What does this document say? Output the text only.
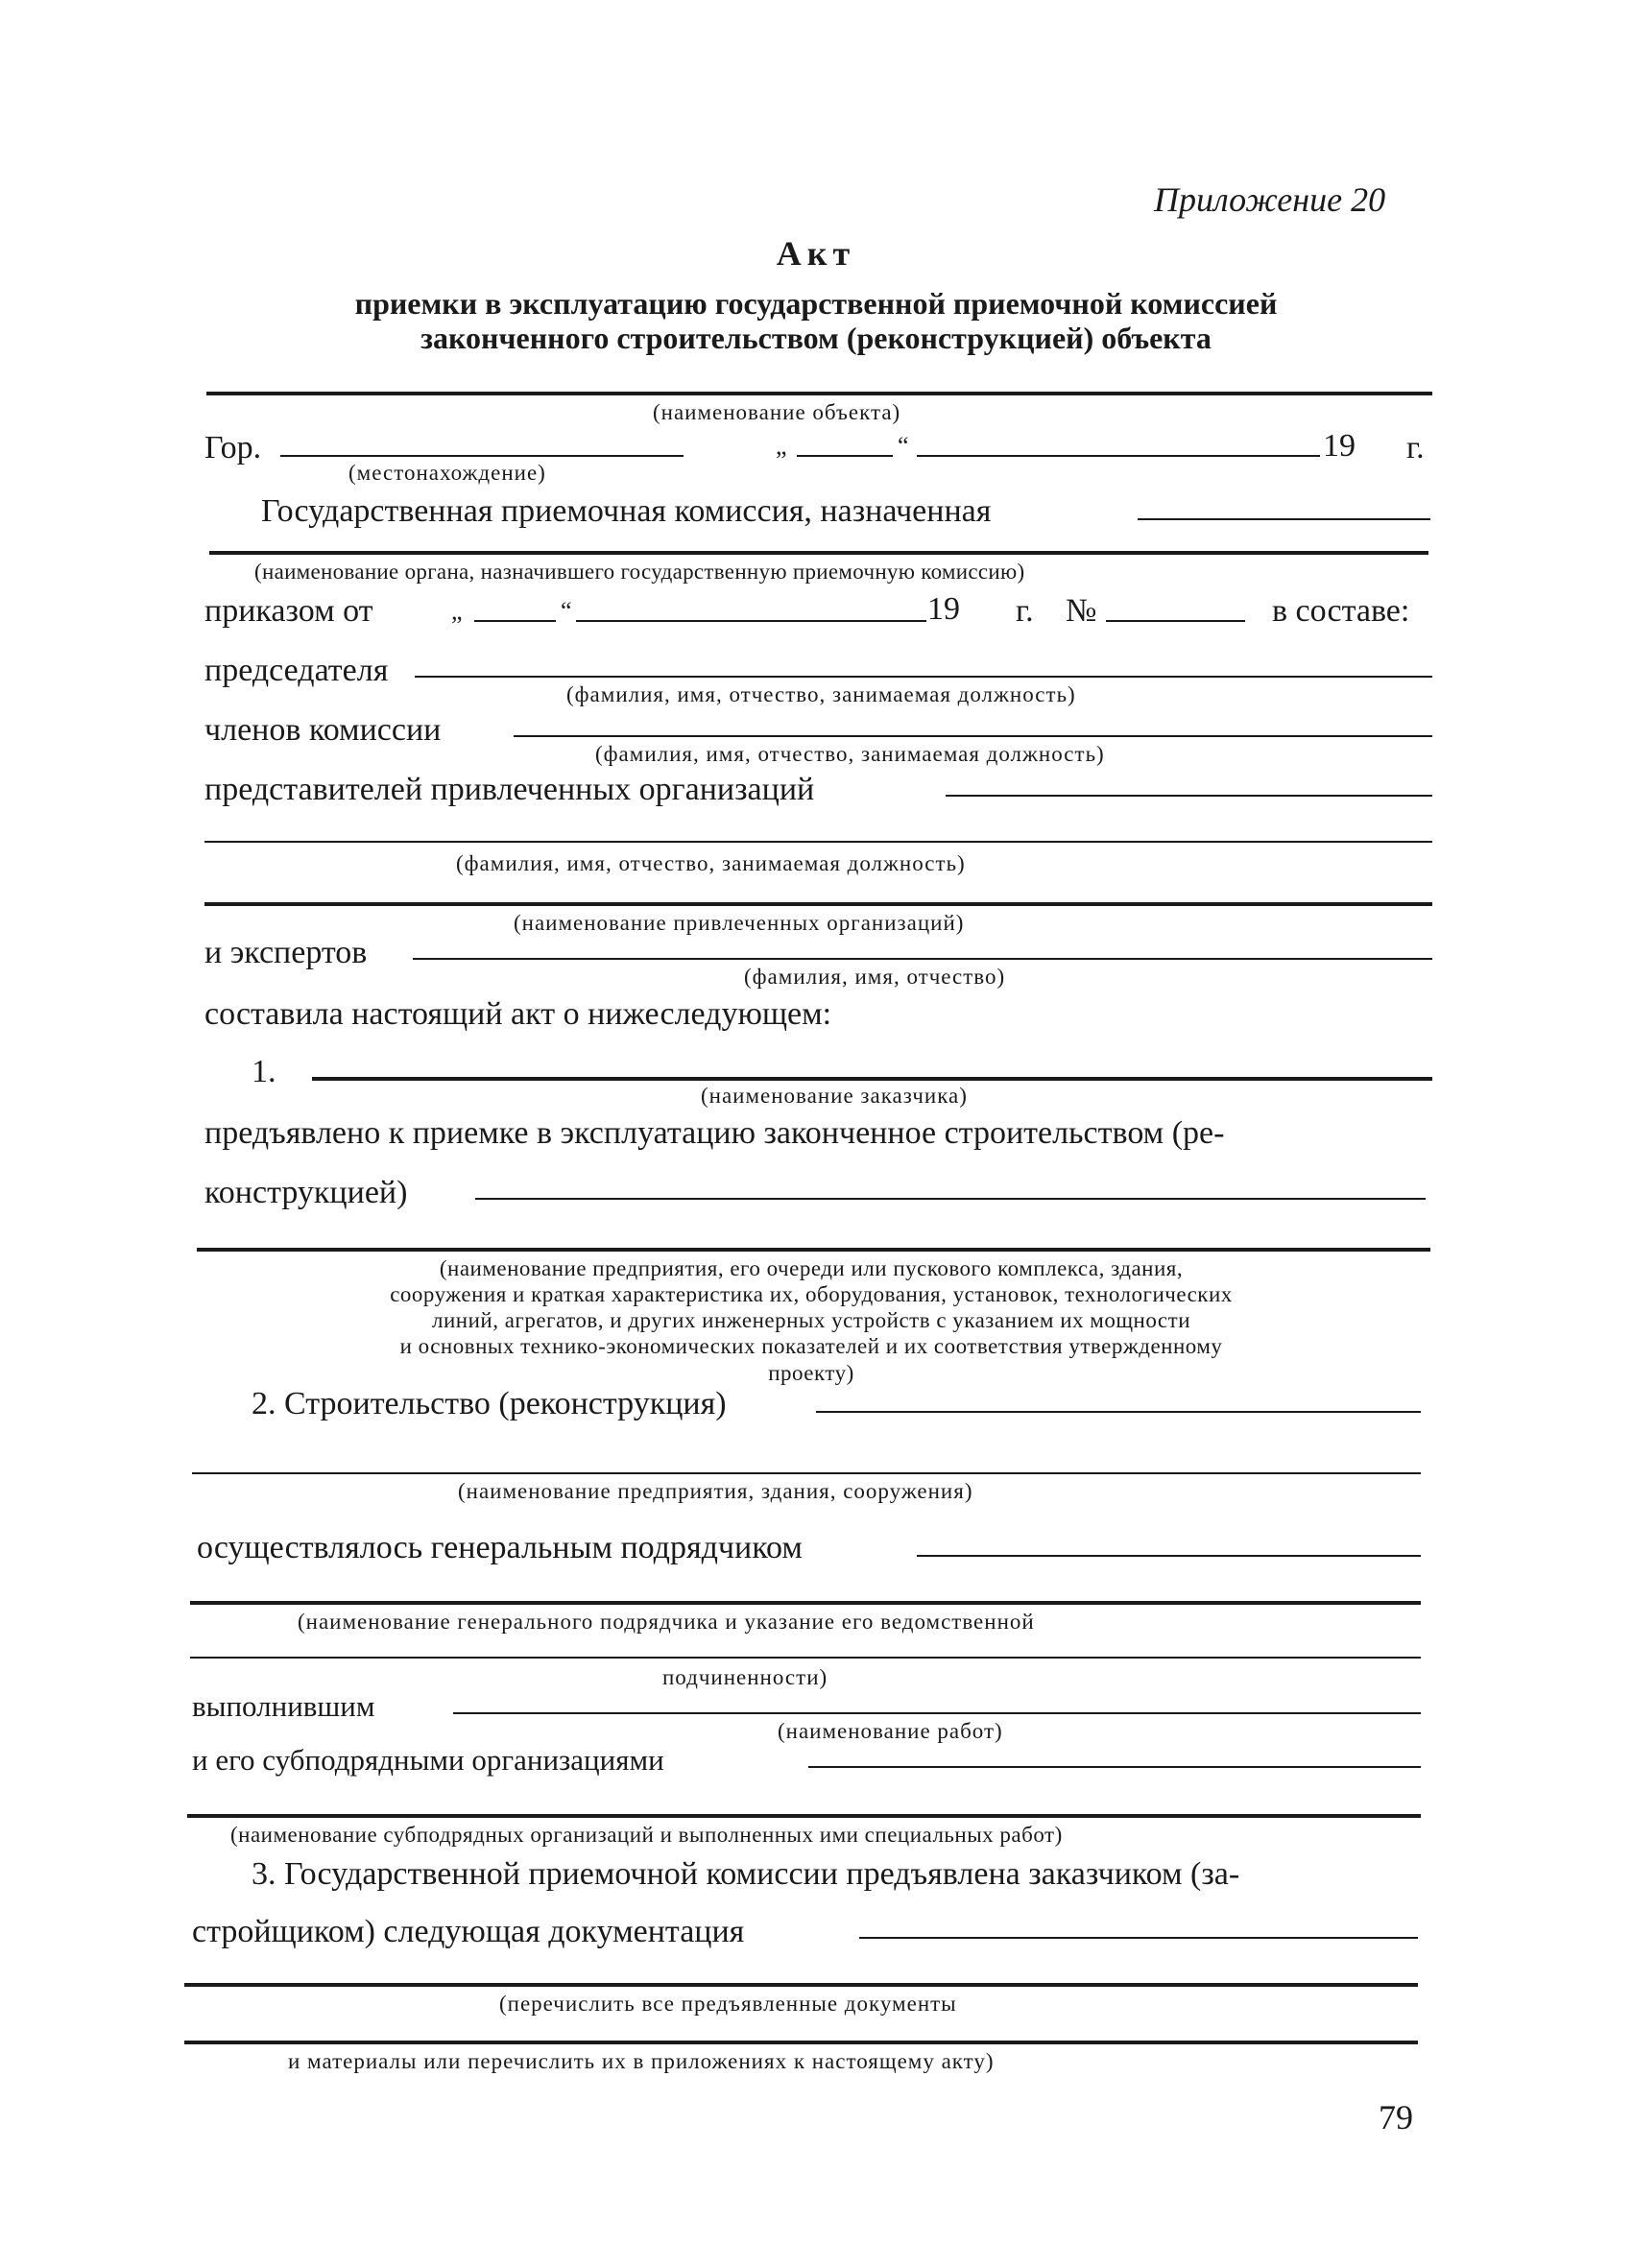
Приложение 20
Акт
приемки в эксплуатацию государственной приемочной комиссией
законченного строительством (реконструкцией) объекта
(наименование объекта)
Гор.	„	“	19 г.
(местонахождение)
Государственная приемочная комиссия, назначенная
(наименование органа, назначившего государственную приемочную комиссию)
приказом от	„	“	19 г. №	в составе:
председателя
(фамилия, имя, отчество, занимаемая должность)
членов комиссии
(фамилия, имя, отчество, занимаемая должность)
представителей привлеченных организаций
(фамилия, имя, отчество, занимаемая должность)
(наименование привлеченных организаций)
и экспертов
(фамилия, имя, отчество)
составила настоящий акт о нижеследующем:
1.
(наименование заказчика)
предъявлено к приемке в эксплуатацию законченное строительством (ре-
конструкцией)
(наименование предприятия, его очереди или пускового комплекса, здания,
сооружения и краткая характеристика их, оборудования, установок, технологических
линий, агрегатов, и других инженерных устройств с указанием их мощности
и основных технико-экономических показателей и их соответствия утвержденному
проекту)
2. Строительство (реконструкция)
(наименование предприятия, здания, сооружения)
осуществлялось генеральным подрядчиком
(наименование генерального подрядчика и указание его ведомственной
подчиненности)
выполнившим
(наименование работ)
и его субподрядными организациями
(наименование субподрядных организаций и выполненных ими специальных работ)
3. Государственной приемочной комиссии предъявлена заказчиком (за-
стройщиком) следующая документация
(перечислить все предъявленные документы
и материалы или перечислить их в приложениях к настоящему акту)
79
